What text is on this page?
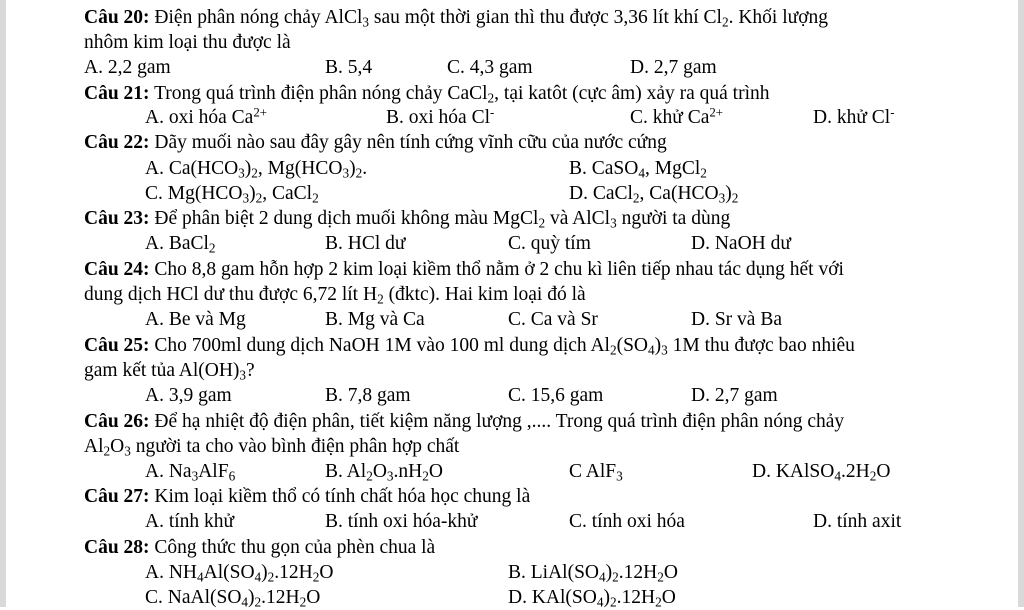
Câu 20: Điện phân nóng chảy AlCl$_3$ sau một thời gian thì thu được 3,36 lít khí $Cl_2$. Khối lượng
nhôm kim loại thu được là
A. 2,2 gam	B. 5,4	C. 4,3 gam	D. 2,7 gam
Câu 21: Trong quá trình điện phân nóng chảy CaCl$_2$, tại katôt (cực âm) xảy ra quá trình
A. oxi hóa $Ca^{2+}$	B. oxi hóa Cl-	C. khử $Ca^{2+}$	D. khử Cl-
Câu 22: Dãy muối nào sau đây gây nên tính cứng vĩnh cữu của nước cứng
A. $Ca(HCO_3)_2$, $Mg(HCO_3)_2$.	B. CaSO$_4$, MgCl$_2$
C. $Mg(HCO_3)_2$, CaCl$_2$	D. CaCl$_2$, $Ca(HCO_3)_2$
Câu 23: Để phân biệt 2 dung dịch muối không màu MgCl$_2$ và AlCl$_3$ người ta dùng
A. BaCl$_2$	B. HCl dư	C. quỳ tím	D. NaOH dư
Câu 24: Cho 8,8 gam hỗn hợp 2 kim loại kiềm thổ nằm ở 2 chu kì liên tiếp nhau tác dụng hết với
dung dịch HCl dư thu được 6,72 lít $H_2$ (đktc). Hai kim loại đó là
A. Be và Mg	B. Mg và Ca	C. Ca và Sr	D. Sr và Ba
Câu 25: Cho 700ml dung dịch NaOH 1M vào 100 ml dung dịch $Al_2(SO_4)_3$ 1M thu được bao nhiêu
gam kết tủa $Al(OH)_3$?
A. 3,9 gam	B. 7,8 gam	C. 15,6 gam	D. 2,7 gam
Câu 26: Để hạ nhiệt độ điện phân, tiết kiệm năng lượng ,.... Trong quá trình điện phân nóng chảy
$Al_2O_3$ người ta cho vào bình điện phân hợp chất
A. $Na_3AlF_6$	B. $Al_2O_3.nH_2O$	C AlF$_3$	D. $KAlSO_4.2H_2O$
Câu 27: Kim loại kiềm thổ có tính chất hóa học chung là
A. tính khử	B. tính oxi hóa-khử	C. tính oxi hóa	D. tính axit
Câu 28: Công thức thu gọn của phèn chua là
A. $NH_4Al(SO_4)_2.12H_2O$	B. $LiAl(SO_4)_2.12H_2O$
C. $NaAl(SO_4)_2.12H_2O$	D. $KAl(SO_4)_2.12H_2O$
